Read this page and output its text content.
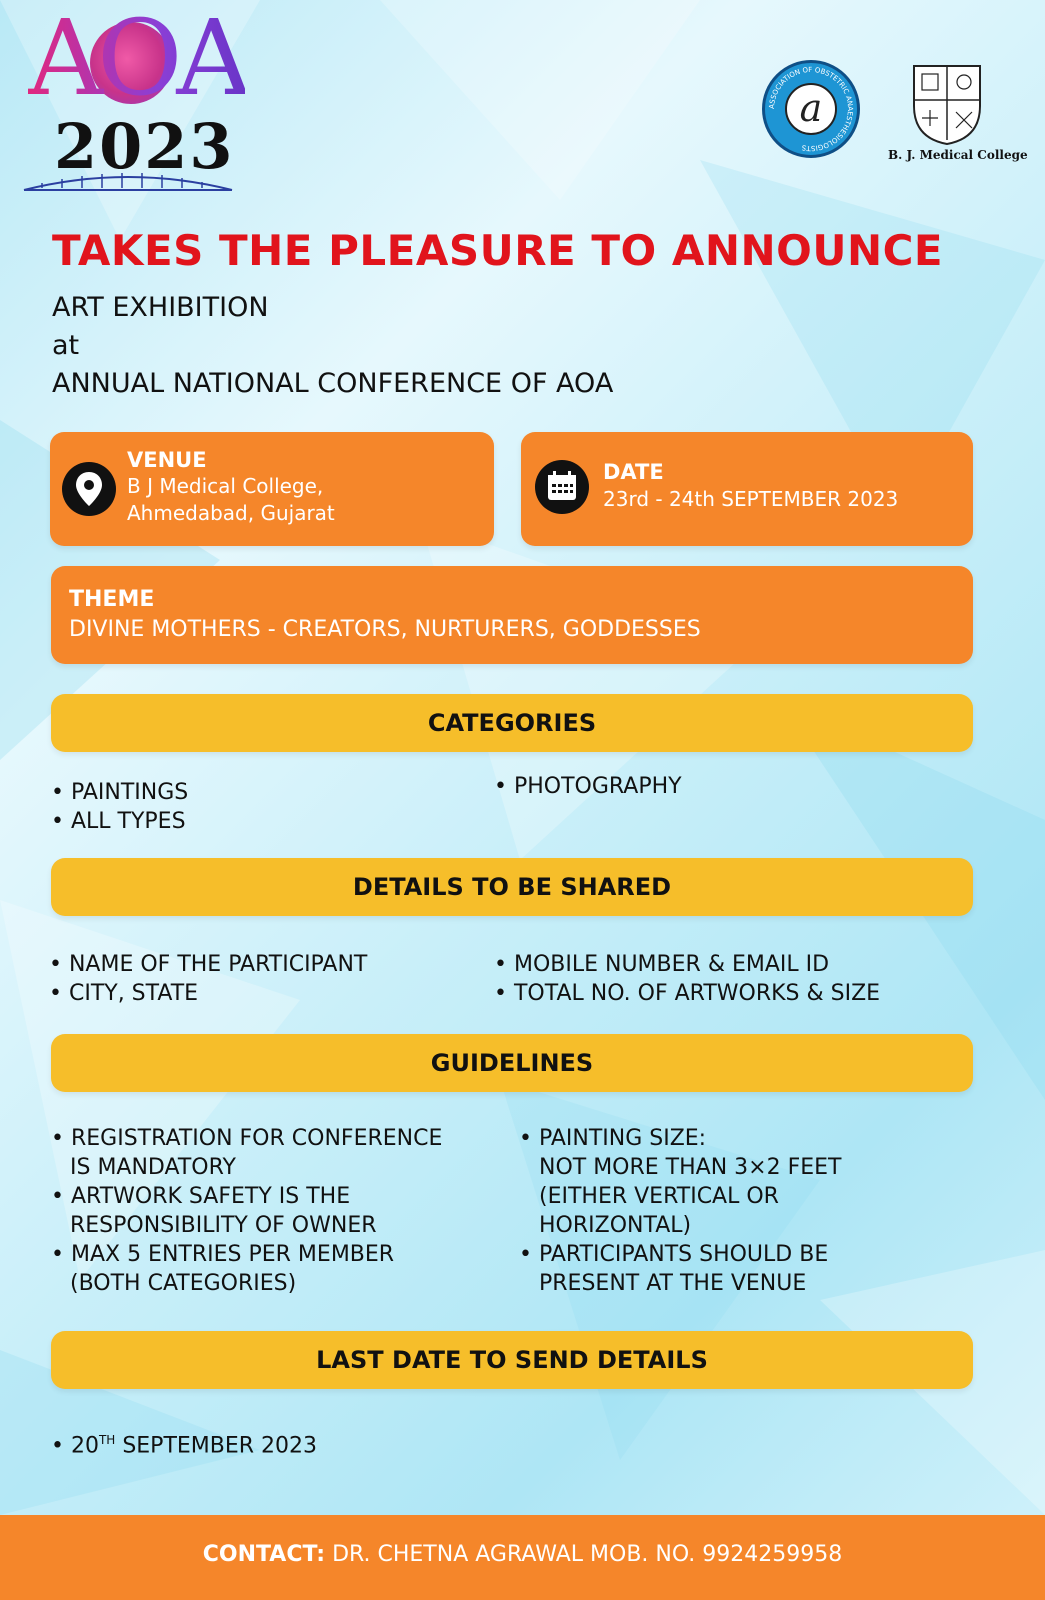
AOA
2023
ASSOCIATION OF OBSTETRIC ANAESTHESIOLOGISTS
a
B. J. Medical College
TAKES THE PLEASURE TO ANNOUNCE
ART EXHIBITION
at
ANNUAL NATIONAL CONFERENCE OF AOA
VENUE
B J Medical College,
Ahmedabad, Gujarat
DATE
23rd - 24th SEPTEMBER 2023
THEME
DIVINE MOTHERS - CREATORS, NURTURERS, GODDESSES
CATEGORIES
• PAINTINGS
• ALL TYPES
• PHOTOGRAPHY
DETAILS TO BE SHARED
• NAME OF THE PARTICIPANT
• CITY, STATE
• MOBILE NUMBER & EMAIL ID
• TOTAL NO. OF ARTWORKS & SIZE
GUIDELINES
• REGISTRATION FOR CONFERENCE
IS MANDATORY
• ARTWORK SAFETY IS THE
RESPONSIBILITY OF OWNER
• MAX 5 ENTRIES PER MEMBER
(BOTH CATEGORIES)
• PAINTING SIZE:
NOT MORE THAN 3×2 FEET
(EITHER VERTICAL OR
HORIZONTAL)
• PARTICIPANTS SHOULD BE
PRESENT AT THE VENUE
LAST DATE TO SEND DETAILS
• 20TH SEPTEMBER 2023
CONTACT: DR. CHETNA AGRAWAL MOB. NO. 9924259958
